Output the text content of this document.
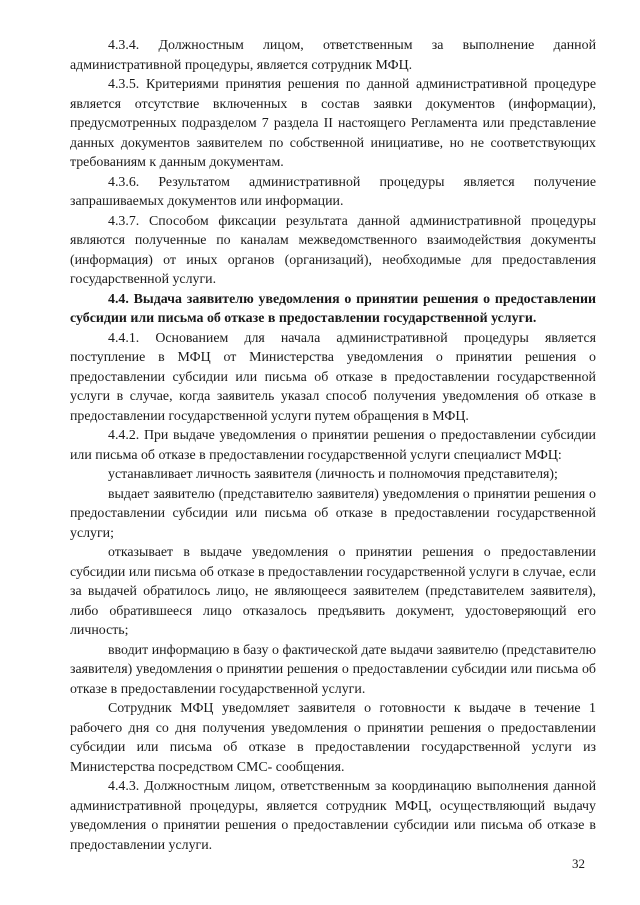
4.3.4. Должностным лицом, ответственным за выполнение данной административной процедуры, является сотрудник МФЦ.

4.3.5. Критериями принятия решения по данной административной процедуре является отсутствие включенных в состав заявки документов (информации), предусмотренных подразделом 7 раздела II настоящего Регламента или представление данных документов заявителем по собственной инициативе, но не соответствующих требованиям к данным документам.

4.3.6. Результатом административной процедуры является получение запрашиваемых документов или информации.

4.3.7. Способом фиксации результата данной административной процедуры являются полученные по каналам межведомственного взаимодействия документы (информация) от иных органов (организаций), необходимые для предоставления государственной услуги.

4.4. Выдача заявителю уведомления о принятии решения о предоставлении субсидии или письма об отказе в предоставлении государственной услуги.

4.4.1. Основанием для начала административной процедуры является поступление в МФЦ от Министерства уведомления о принятии решения о предоставлении субсидии или письма об отказе в предоставлении государственной услуги в случае, когда заявитель указал способ получения уведомления об отказе в предоставлении государственной услуги путем обращения в МФЦ.

4.4.2. При выдаче уведомления о принятии решения о предоставлении субсидии или письма об отказе в предоставлении государственной услуги специалист МФЦ:

устанавливает личность заявителя (личность и полномочия представителя);

выдает заявителю (представителю заявителя) уведомления о принятии решения о предоставлении субсидии или письма об отказе в предоставлении государственной услуги;

отказывает в выдаче уведомления о принятии решения о предоставлении субсидии или письма об отказе в предоставлении государственной услуги в случае, если за выдачей обратилось лицо, не являющееся заявителем (представителем заявителя), либо обратившееся лицо отказалось предъявить документ, удостоверяющий его личность;

вводит информацию в базу о фактической дате выдачи заявителю (представителю заявителя) уведомления о принятии решения о предоставлении субсидии или письма об отказе в предоставлении государственной услуги.

Сотрудник МФЦ уведомляет заявителя о готовности к выдаче в течение 1 рабочего дня со дня получения уведомления о принятии решения о предоставлении субсидии или письма об отказе в предоставлении государственной услуги из Министерства посредством СМС- сообщения.

4.4.3. Должностным лицом, ответственным за координацию выполнения данной административной процедуры, является сотрудник МФЦ, осуществляющий выдачу уведомления о принятии решения о предоставлении субсидии или письма об отказе в предоставлении услуги.

32
